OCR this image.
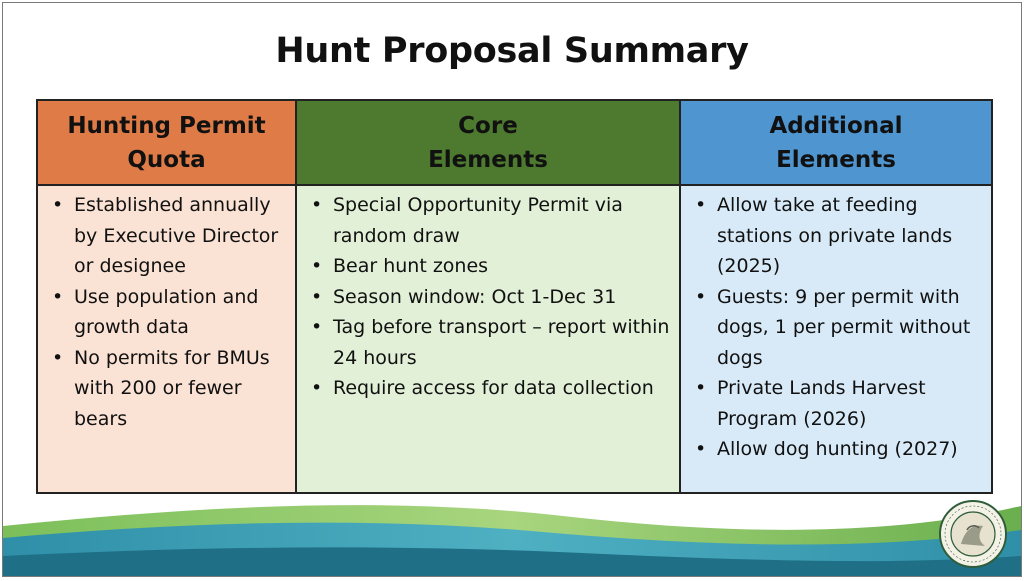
Hunt Proposal Summary
Hunting Permit
Quota
Core
Elements
Additional
Elements
• Established annually by Executive Director or designee
• Use population and growth data
• No permits for BMUs with 200 or fewer bears
• Special Opportunity Permit via random draw
• Bear hunt zones
• Season window: Oct 1-Dec 31
• Tag before transport – report within 24 hours
• Require access for data collection
• Allow take at feeding stations on private lands (2025)
• Guests: 9 per permit with dogs, 1 per permit without dogs
• Private Lands Harvest Program (2026)
• Allow dog hunting (2027)
